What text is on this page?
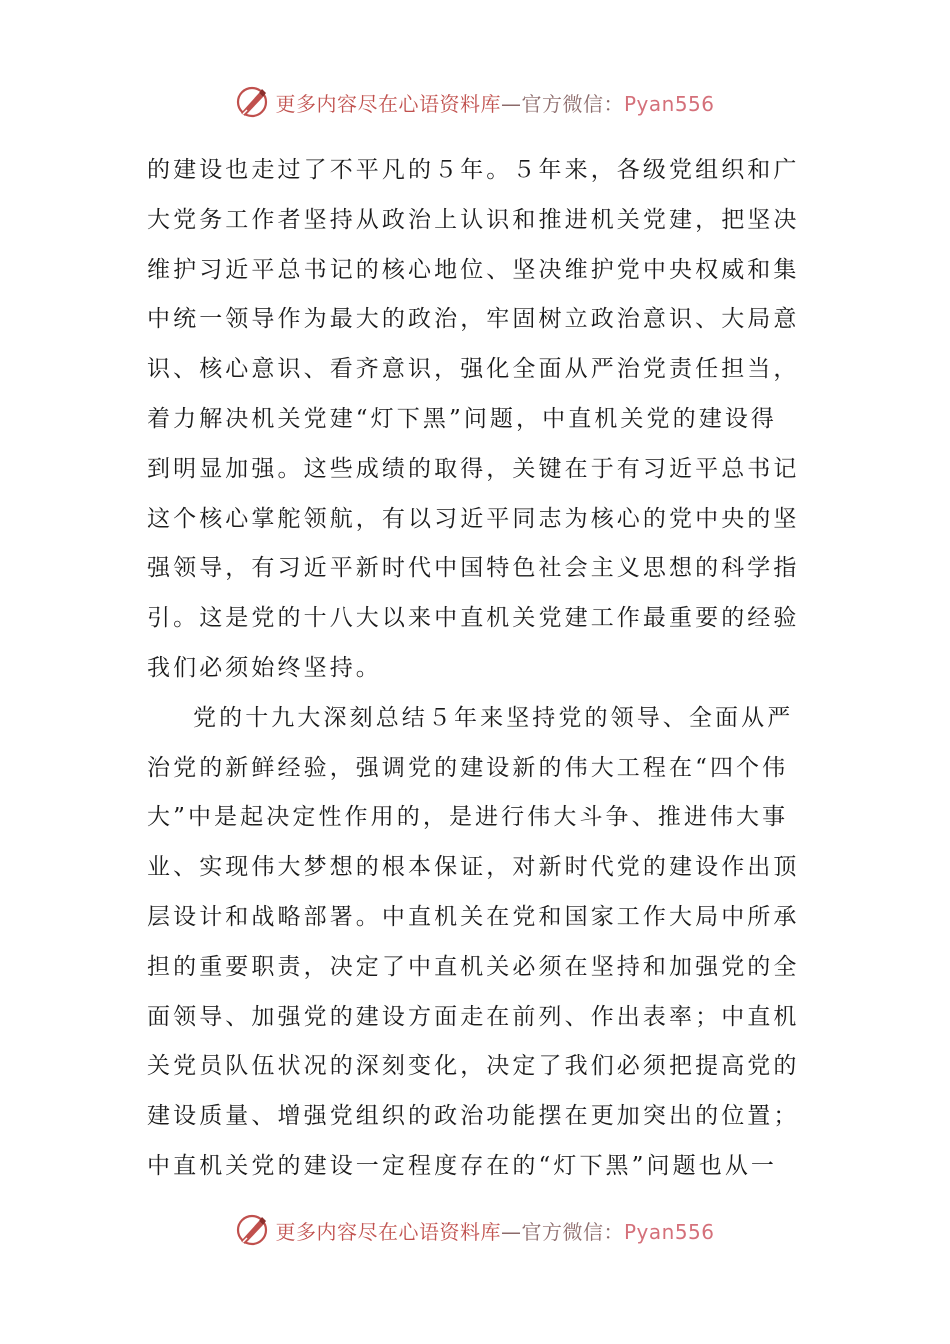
更多内容尽在心语资料库—官方微信：Pyan556
的建设也走过了不平凡的５年。５年来，各级党组织和广
大党务工作者坚持从政治上认识和推进机关党建，把坚决
维护习近平总书记的核心地位、坚决维护党中央权威和集
中统一领导作为最大的政治，牢固树立政治意识、大局意
识、核心意识、看齐意识，强化全面从严治党责任担当，
着力解决机关党建“灯下黑”问题，中直机关党的建设得
到明显加强。这些成绩的取得，关键在于有习近平总书记
这个核心掌舵领航，有以习近平同志为核心的党中央的坚
强领导，有习近平新时代中国特色社会主义思想的科学指
引。这是党的十八大以来中直机关党建工作最重要的经验
我们必须始终坚持。
党的十九大深刻总结５年来坚持党的领导、全面从严
治党的新鲜经验，强调党的建设新的伟大工程在“四个伟
大”中是起决定性作用的，是进行伟大斗争、推进伟大事
业、实现伟大梦想的根本保证，对新时代党的建设作出顶
层设计和战略部署。中直机关在党和国家工作大局中所承
担的重要职责，决定了中直机关必须在坚持和加强党的全
面领导、加强党的建设方面走在前列、作出表率；中直机
关党员队伍状况的深刻变化，决定了我们必须把提高党的
建设质量、增强党组织的政治功能摆在更加突出的位置；
中直机关党的建设一定程度存在的“灯下黑”问题也从一
更多内容尽在心语资料库—官方微信：Pyan556
